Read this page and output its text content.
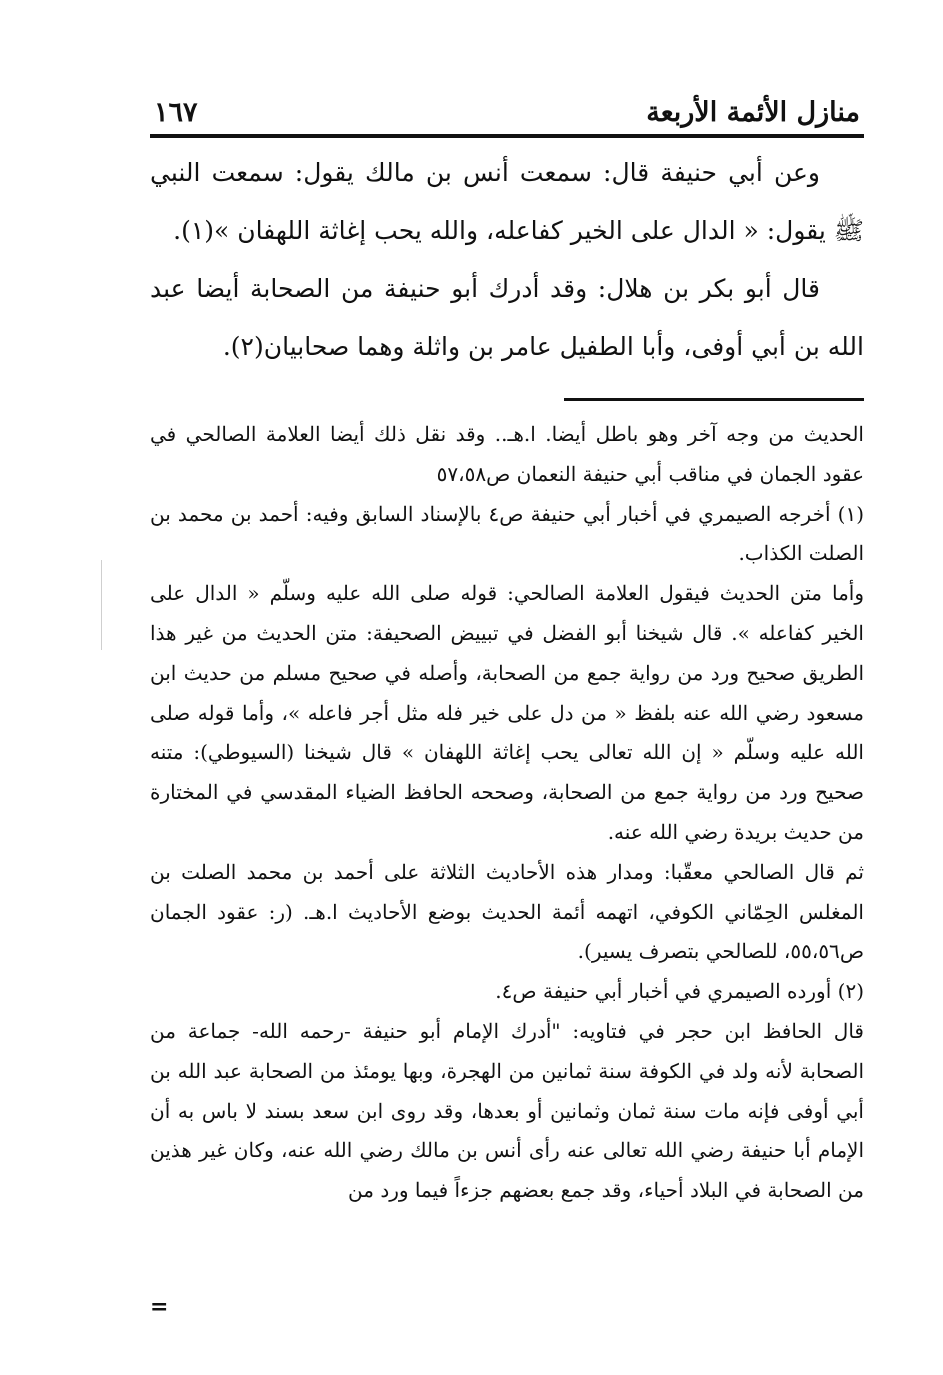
منازل الأئمة الأربعة
١٦٧

وعن أبي حنيفة قال: سمعت أنس بن مالك يقول: سمعت النبي ﷺ يقول: « الدال على الخير كفاعله، والله يحب إغاثة اللهفان »(١).

قال أبو بكر بن هلال: وقد أدرك أبو حنيفة من الصحابة أيضا عبد الله بن أبي أوفى، وأبا الطفيل عامر بن واثلة وهما صحابيان(٢).

الحديث من وجه آخر وهو باطل أيضا. ا.هـ.. وقد نقل ذلك أيضا العلامة الصالحي في عقود الجمان في مناقب أبي حنيفة النعمان ص٥٧،٥٨

(١) أخرجه الصيمري في أخبار أبي حنيفة ص٤ بالإسناد السابق وفيه: أحمد بن محمد بن الصلت الكذاب.

وأما متن الحديث فيقول العلامة الصالحي: قوله صلى الله عليه وسلّم « الدال على الخير كفاعله ». قال شيخنا أبو الفضل في تبييض الصحيفة: متن الحديث من غير هذا الطريق صحيح ورد من رواية جمع من الصحابة، وأصله في صحيح مسلم من حديث ابن مسعود رضي الله عنه بلفظ « من دل على خير فله مثل أجر فاعله »، وأما قوله صلى الله عليه وسلّم « إن الله تعالى يحب إغاثة اللهفان » قال شيخنا (السيوطي): متنه صحيح ورد من رواية جمع من الصحابة، وصححه الحافظ الضياء المقدسي في المختارة من حديث بريدة رضي الله عنه.

ثم قال الصالحي معقّبا: ومدار هذه الأحاديث الثلاثة على أحمد بن محمد الصلت بن المغلس الحِمّاني الكوفي، اتهمه أئمة الحديث بوضع الأحاديث ا.هـ. (ر: عقود الجمان ص٥٥،٥٦، للصالحي بتصرف يسير).

(٢) أورده الصيمري في أخبار أبي حنيفة ص٤.

قال الحافظ ابن حجر في فتاويه: "أدرك الإمام أبو حنيفة -رحمه الله- جماعة من الصحابة لأنه ولد في الكوفة سنة ثمانين من الهجرة، وبها يومئذ من الصحابة عبد الله بن أبي أوفى فإنه مات سنة ثمان وثمانين أو بعدها، وقد روى ابن سعد بسند لا باس به أن الإمام أبا حنيفة رضي الله تعالى عنه رأى أنس بن مالك رضي الله عنه، وكان غير هذين من الصحابة في البلاد أحياء، وقد جمع بعضهم جزءاً فيما ورد من

=
